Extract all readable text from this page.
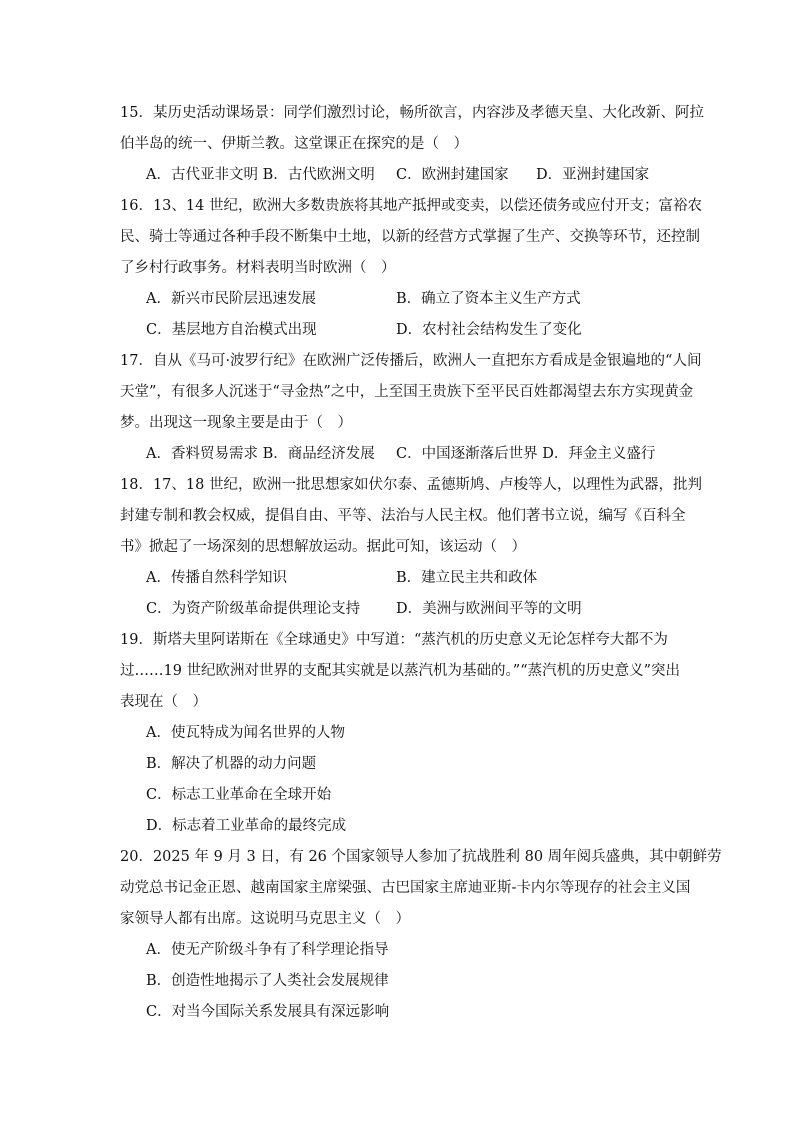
15．某历史活动课场景：同学们激烈讨论，畅所欲言，内容涉及孝德天皇、大化改新、阿拉
伯半岛的统一、伊斯兰教。这堂课正在探究的是（　）
A．古代亚非文明 B．古代欧洲文明 C．欧洲封建国家 D．亚洲封建国家
16．13、14 世纪，欧洲大多数贵族将其地产抵押或变卖，以偿还债务或应付开支；富裕农
民、骑士等通过各种手段不断集中土地，以新的经营方式掌握了生产、交换等环节，还控制
了乡村行政事务。材料表明当时欧洲（　）
A．新兴市民阶层迅速发展	B．确立了资本主义生产方式
C．基层地方自治模式出现	D．农村社会结构发生了变化
17．自从《马可·波罗行纪》在欧洲广泛传播后，欧洲人一直把东方看成是金银遍地的“人间
天堂”，有很多人沉迷于“寻金热”之中，上至国王贵族下至平民百姓都渴望去东方实现黄金
梦。出现这一现象主要是由于（　）
A．香料贸易需求 B．商品经济发展 C．中国逐渐落后世界 D．拜金主义盛行
18．17、18 世纪，欧洲一批思想家如伏尔泰、孟德斯鸠、卢梭等人，以理性为武器，批判
封建专制和教会权威，提倡自由、平等、法治与人民主权。他们著书立说，编写《百科全
书》掀起了一场深刻的思想解放运动。据此可知，该运动（　）
A．传播自然科学知识	B．建立民主共和政体
C．为资产阶级革命提供理论支持 D．美洲与欧洲间平等的文明
19．斯塔夫里阿诺斯在《全球通史》中写道：“蒸汽机的历史意义无论怎样夸大都不为
过……19 世纪欧洲对世界的支配其实就是以蒸汽机为基础的。”“蒸汽机的历史意义”突出
表现在（　）
A．使瓦特成为闻名世界的人物
B．解决了机器的动力问题
C．标志工业革命在全球开始
D．标志着工业革命的最终完成
20．2025 年 9 月 3 日，有 26 个国家领导人参加了抗战胜利 80 周年阅兵盛典，其中朝鲜劳
动党总书记金正恩、越南国家主席梁强、古巴国家主席迪亚斯-卡内尔等现存的社会主义国
家领导人都有出席。这说明马克思主义（　）
A．使无产阶级斗争有了科学理论指导
B．创造性地揭示了人类社会发展规律
C．对当今国际关系发展具有深远影响
